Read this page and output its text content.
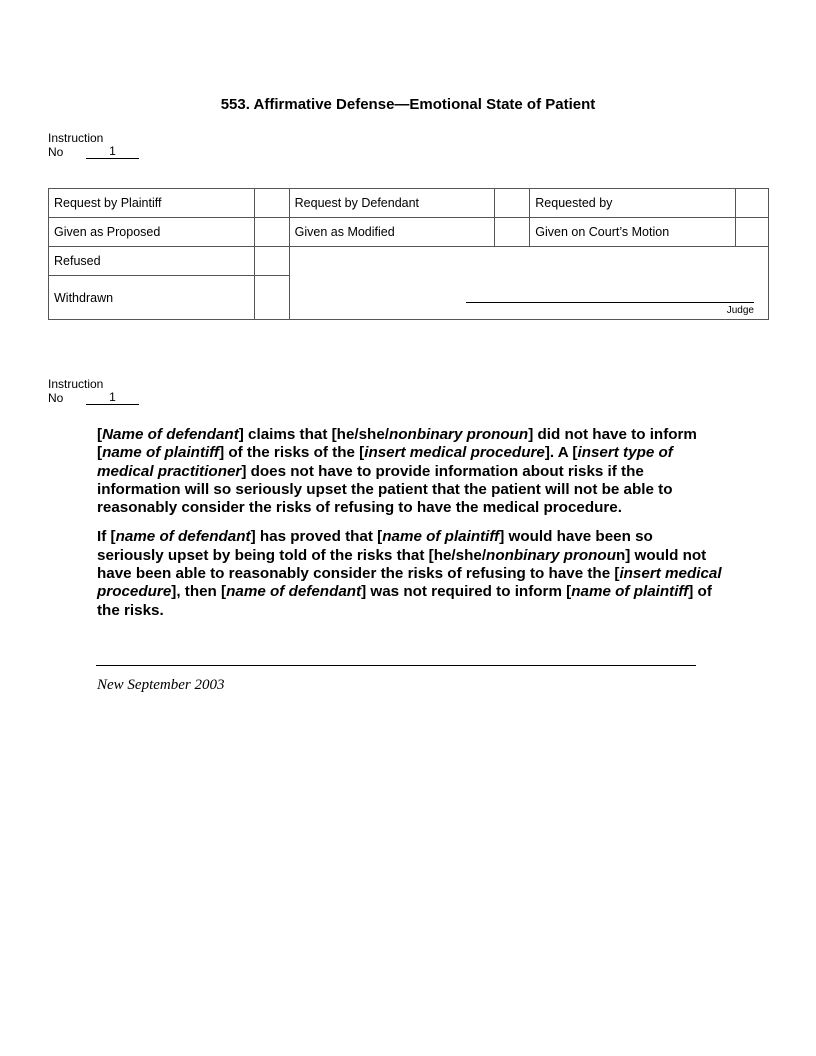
553. Affirmative Defense—Emotional State of Patient
Instruction
No	1
Request by Plaintiff		Request by Defendant		Requested by	
Given as Proposed		Given as Modified		Given on Court’s Motion	
Refused		Judge			

Withdrawn					
Instruction
No	1

[Name of defendant] claims that [he/she/nonbinary pronoun] did not have to inform [name of plaintiff] of the risks of the [insert medical procedure]. A [insert type of medical practitioner] does not have to provide information about risks if the information will so seriously upset the patient that the patient will not be able to reasonably consider the risks of refusing to have the medical procedure.

If [name of defendant] has proved that [name of plaintiff] would have been so seriously upset by being told of the risks that [he/she/nonbinary pronoun] would not have been able to reasonably consider the risks of refusing to have the [insert medical procedure], then [name of defendant] was not required to inform [name of plaintiff] of the risks.

New September 2003
